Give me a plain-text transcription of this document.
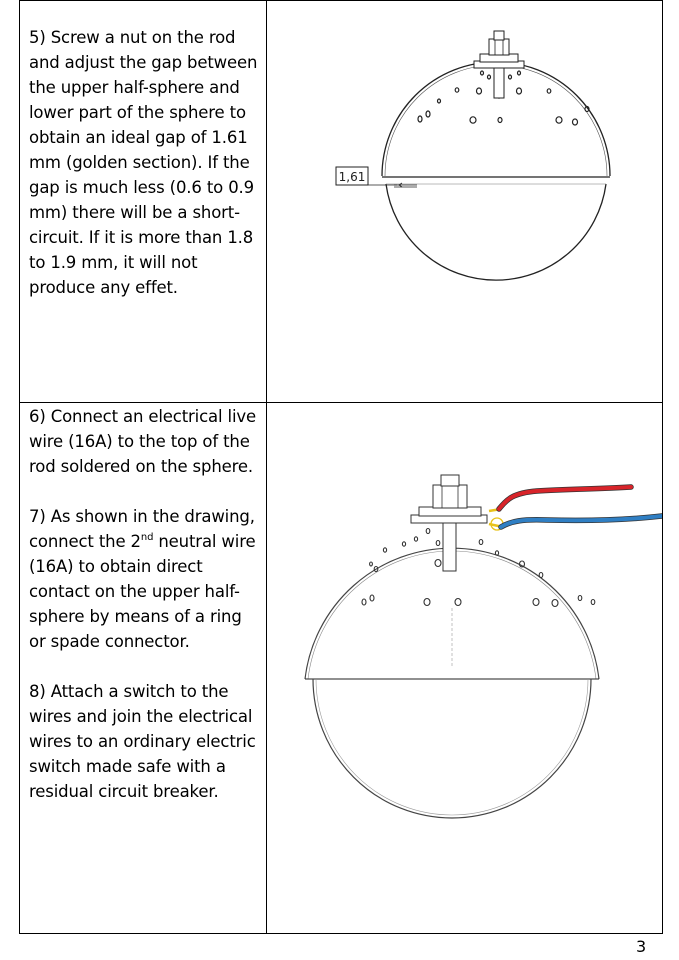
5) Screw a nut on the rod and adjust the gap between the upper half-sphere and lower part of the sphere to obtain an ideal gap of 1.61 mm (golden section). If the gap is much less (0.6 to 0.9 mm) there will be a short-circuit. If it is more than 1.8 to 1.9 mm, it will not produce any effet.

6) Connect an electrical live wire (16A) to the top of the rod soldered on the sphere.

7) As shown in the drawing, connect the 2nd neutral wire (16A) to obtain direct contact on the upper half-sphere by means of a ring or spade connector.

8) Attach a switch to the wires and join the electrical wires to an ordinary electric switch made safe with a residual circuit breaker.

1,61
3
